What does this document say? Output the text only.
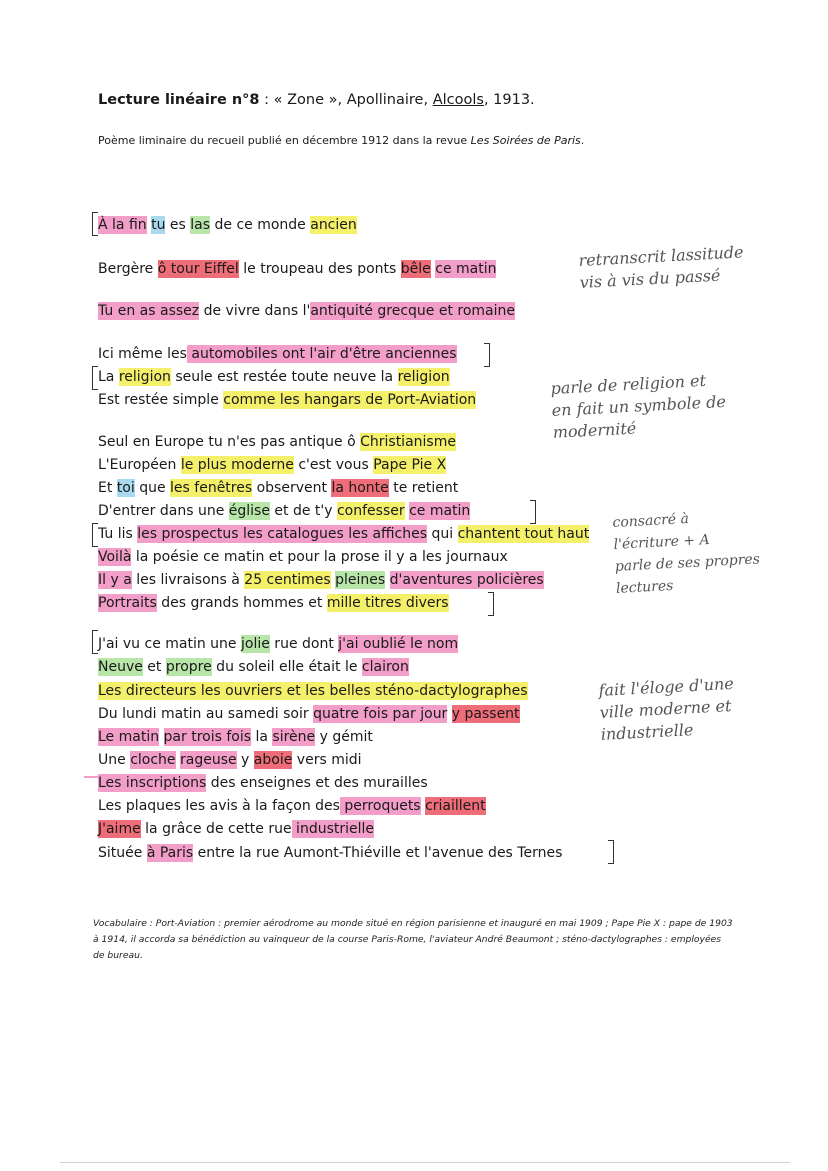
Lecture linéaire n°8 : « Zone », Apollinaire, Alcools, 1913.
Poème liminaire du recueil publié en décembre 1912 dans la revue Les Soirées de Paris.
À la fin tu es las de ce monde ancien
Bergère ô tour Eiffel le troupeau des ponts bêle ce matin
Tu en as assez de vivre dans l'antiquité grecque et romaine
Ici même les automobiles ont l'air d'être anciennes
La religion seule est restée toute neuve la religion
Est restée simple comme les hangars de Port-Aviation
Seul en Europe tu n'es pas antique ô Christianisme
L'Européen le plus moderne c'est vous Pape Pie X
Et toi que les fenêtres observent la honte te retient
D'entrer dans une église et de t'y confesser ce matin
Tu lis les prospectus les catalogues les affiches qui chantent tout haut
Voilà la poésie ce matin et pour la prose il y a les journaux
Il y a les livraisons à 25 centimes pleines d'aventures policières
Portraits des grands hommes et mille titres divers
J'ai vu ce matin une jolie rue dont j'ai oublié le nom
Neuve et propre du soleil elle était le clairon
Les directeurs les ouvriers et les belles sténo-dactylographes
Du lundi matin au samedi soir quatre fois par jour y passent
Le matin par trois fois la sirène y gémit
Une cloche rageuse y aboie vers midi
Les inscriptions des enseignes et des murailles
Les plaques les avis à la façon des perroquets criaillent
J'aime la grâce de cette rue industrielle
Située à Paris entre la rue Aumont-Thiéville et l'avenue des Ternes
retranscrit lassitude
vis à vis du passé
parle de religion et
en fait un symbole de
modernité
consacré à
l'écriture + A
parle de ses propres
lectures
fait l'éloge d'une
ville moderne et
industrielle
Vocabulaire : Port-Aviation : premier aérodrome au monde situé en région parisienne et inauguré en mai 1909 ; Pape Pie X : pape de 1903 à 1914, il accorda sa bénédiction au vainqueur de la course Paris-Rome, l'aviateur André Beaumont ; sténo-dactylographes : employées de bureau.
